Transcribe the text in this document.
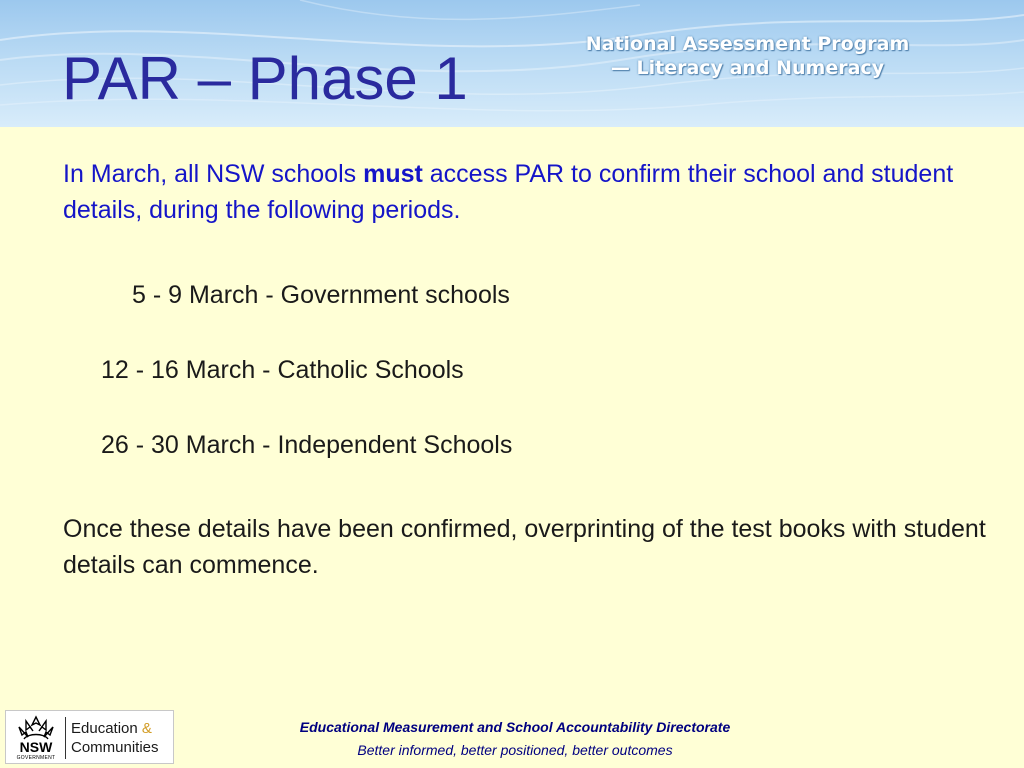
PAR – Phase 1
National Assessment Program
— Literacy and Numeracy

In March, all NSW schools must access PAR to confirm their school and student details, during the following periods.

5 - 9 March - Government schools

12 - 16 March - Catholic Schools

26 - 30 March - Independent Schools

Once these details have been confirmed, overprinting of the test books with student details can commence.

NSW
GOVERNMENT
Education &
Communities
Educational Measurement and School Accountability Directorate
Better informed, better positioned, better outcomes
